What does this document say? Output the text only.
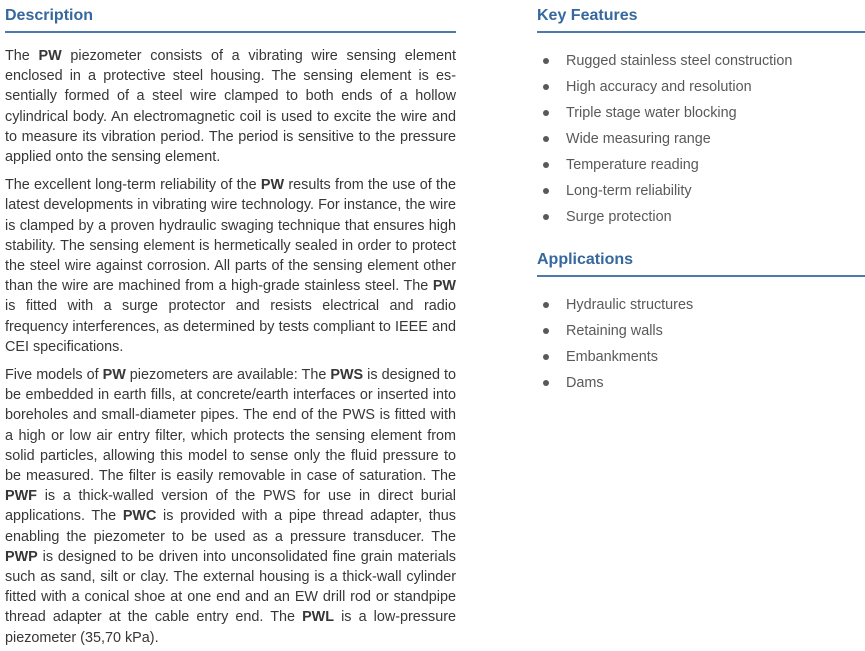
Description

The PW piezometer consists of a vibrating wire sensing element enclosed in a protective steel housing. The sensing element is essentially formed of a steel wire clamped to both ends of a hollow cylindrical body. An electromagnetic coil is used to excite the wire and to measure its vibration period. The period is sensitive to the pressure applied onto the sensing element.

The excellent long-term reliability of the PW results from the use of the latest developments in vibrating wire technology. For instance, the wire is clamped by a proven hydraulic swaging technique that ensures high stability. The sensing element is hermetically sealed in order to protect the steel wire against corrosion. All parts of the sensing element other than the wire are machined from a high-grade stainless steel. The PW is fitted with a surge protector and resists electrical and radio frequency interferences, as determined by tests compliant to IEEE and CEI specifications.

Five models of PW piezometers are available: The PWS is designed to be embedded in earth fills, at concrete/earth interfaces or inserted into boreholes and small-diameter pipes. The end of the PWS is fitted with a high or low air entry filter, which protects the sensing element from solid particles, allowing this model to sense only the fluid pressure to be measured. The filter is easily removable in case of saturation. The PWF is a thick-walled version of the PWS for use in direct burial applications. The PWC is provided with a pipe thread adapter, thus enabling the piezometer to be used as a pressure transducer. The PWP is designed to be driven into unconsolidated fine grain materials such as sand, silt or clay. The external housing is a thick-wall cylinder fitted with a conical shoe at one end and an EW drill rod or standpipe thread adapter at the cable entry end. The PWL is a low-pressure piezometer (35,70 kPa).

Key Features
Rugged stainless steel construction
High accuracy and resolution
Triple stage water blocking
Wide measuring range
Temperature reading
Long-term reliability
Surge protection
Applications
Hydraulic structures
Retaining walls
Embankments
Dams
